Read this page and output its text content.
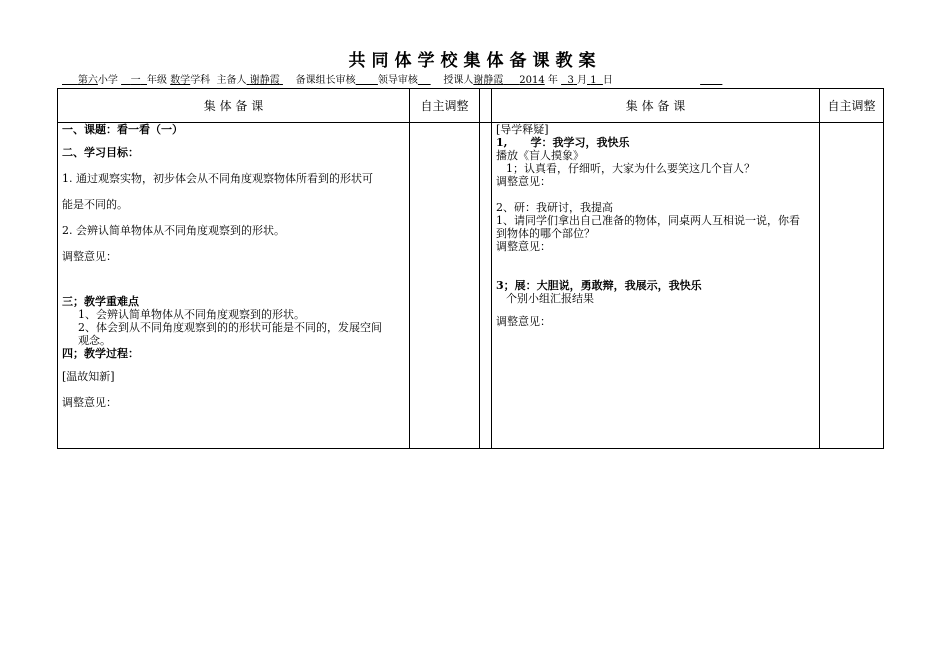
共同体学校集体备课教案
第六小学 一 年级 数学学科 主备人 谢静霞 备课组长审核 领导审核	授课人谢静霞 2014 年 3 月 1 日
集 体 备 课	自主调整	集 体 备 课	自主调整

一、课题：看一看（一）

二、学习目标：

1. 通过观察实物，初步体会从不同角度观察物体所看到的形状可

能是不同的。

2. 会辨认简单物体从不同角度观察到的形状。

调整意见：

三；教学重难点

1、会辨认简单物体从不同角度观察到的形状。

2、体会到从不同角度观察到的的形状可能是不同的，发展空间

观念。

四；教学过程：

[温故知新]

调整意见：

[导学释疑]

1,      学：我学习，我快乐

播放《盲人摸象》

1；认真看，仔细听，大家为什么要笑这几个盲人？

调整意见：

2、研：我研讨，我提高

1、请同学们拿出自己准备的物体，同桌两人互相说一说，你看

到物体的哪个部位？

调整意见：

3；展：大胆说，勇敢辩，我展示，我快乐

个别小组汇报结果

调整意见：
